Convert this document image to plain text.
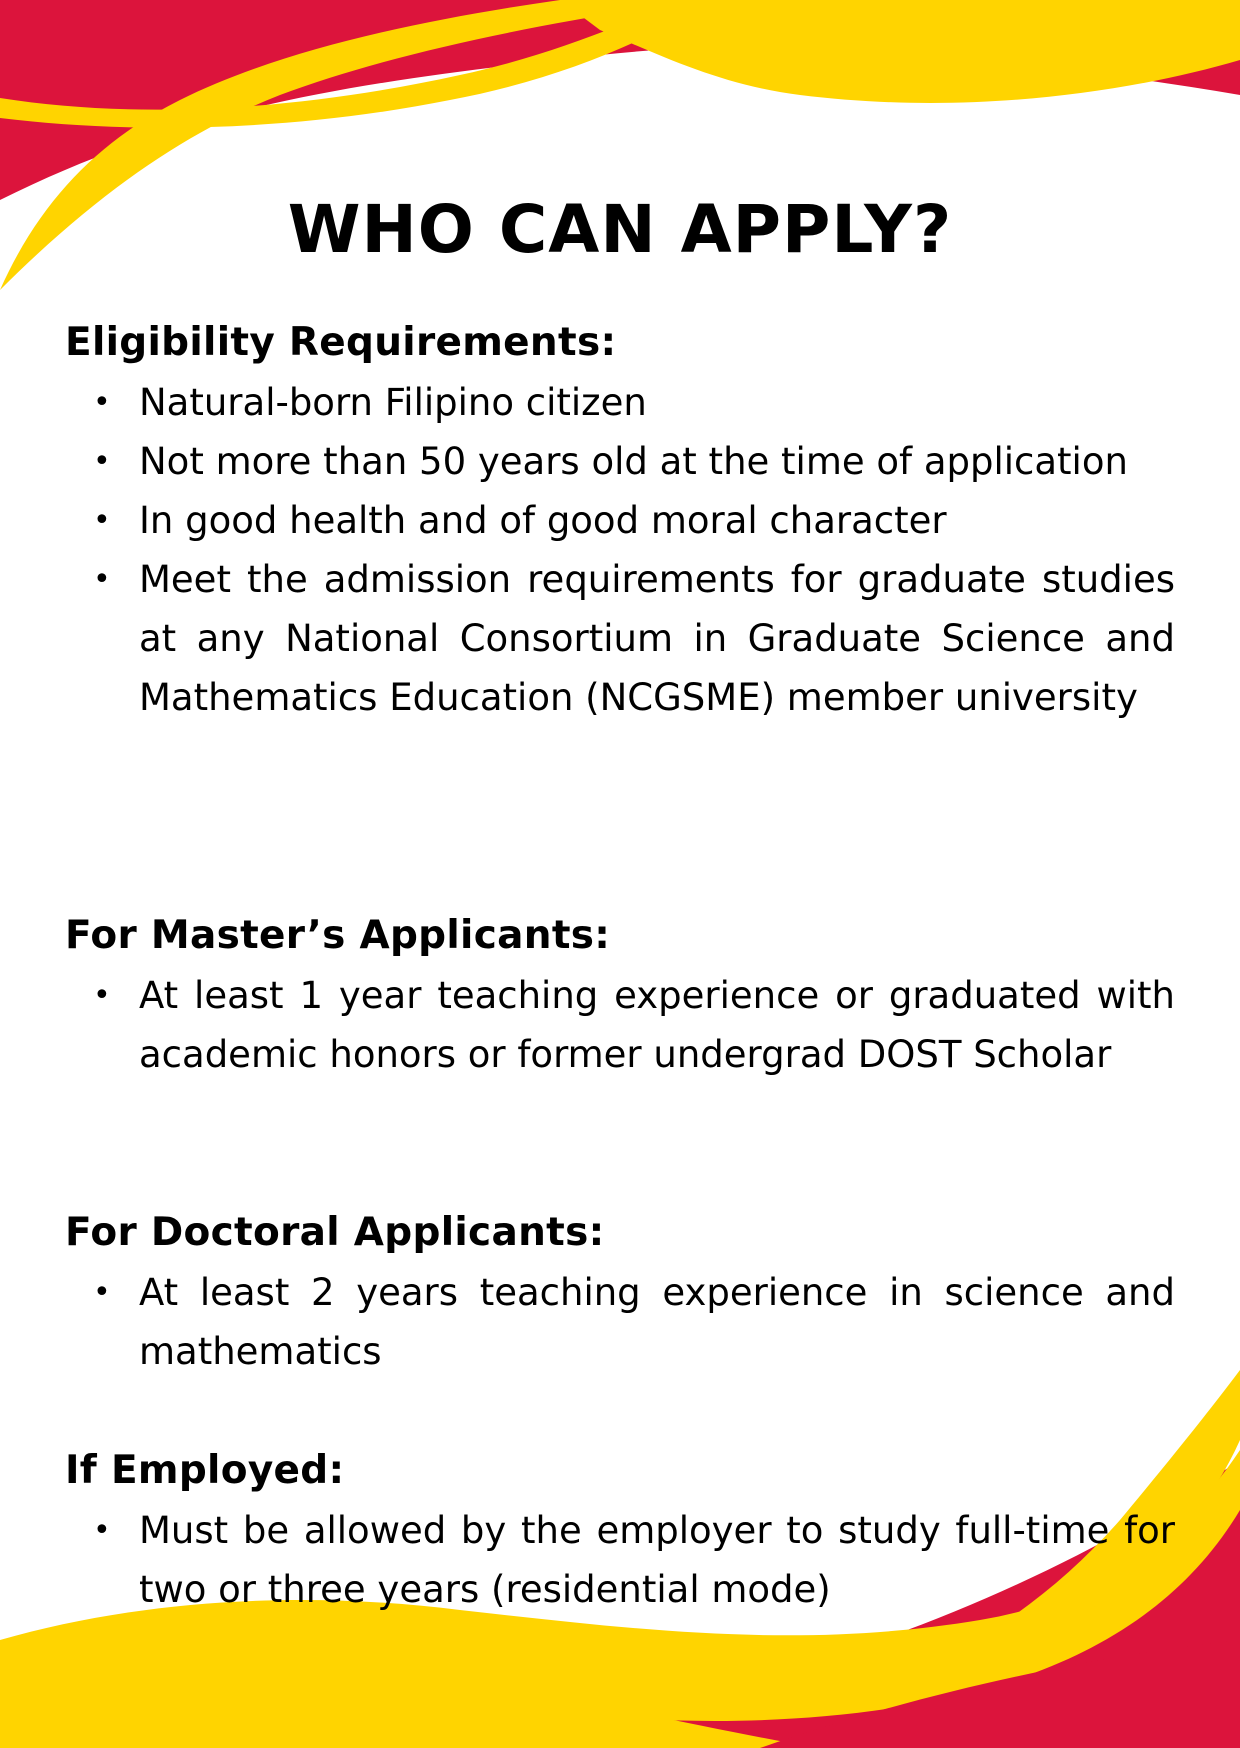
WHO CAN APPLY?
Eligibility Requirements:
• Natural-born Filipino citizen
• Not more than 50 years old at the time of application
• In good health and of good moral character
• Meet the admission requirements for graduate studies at any National Consortium in Graduate Science and Mathematics Education (NCGSME) member university
For Master’s Applicants:
• At least 1 year teaching experience or graduated with academic honors or former undergrad DOST Scholar
For Doctoral Applicants:
• At least 2 years teaching experience in science and mathematics
If Employed:
• Must be allowed by the employer to study full-time for two or three years (residential mode)
